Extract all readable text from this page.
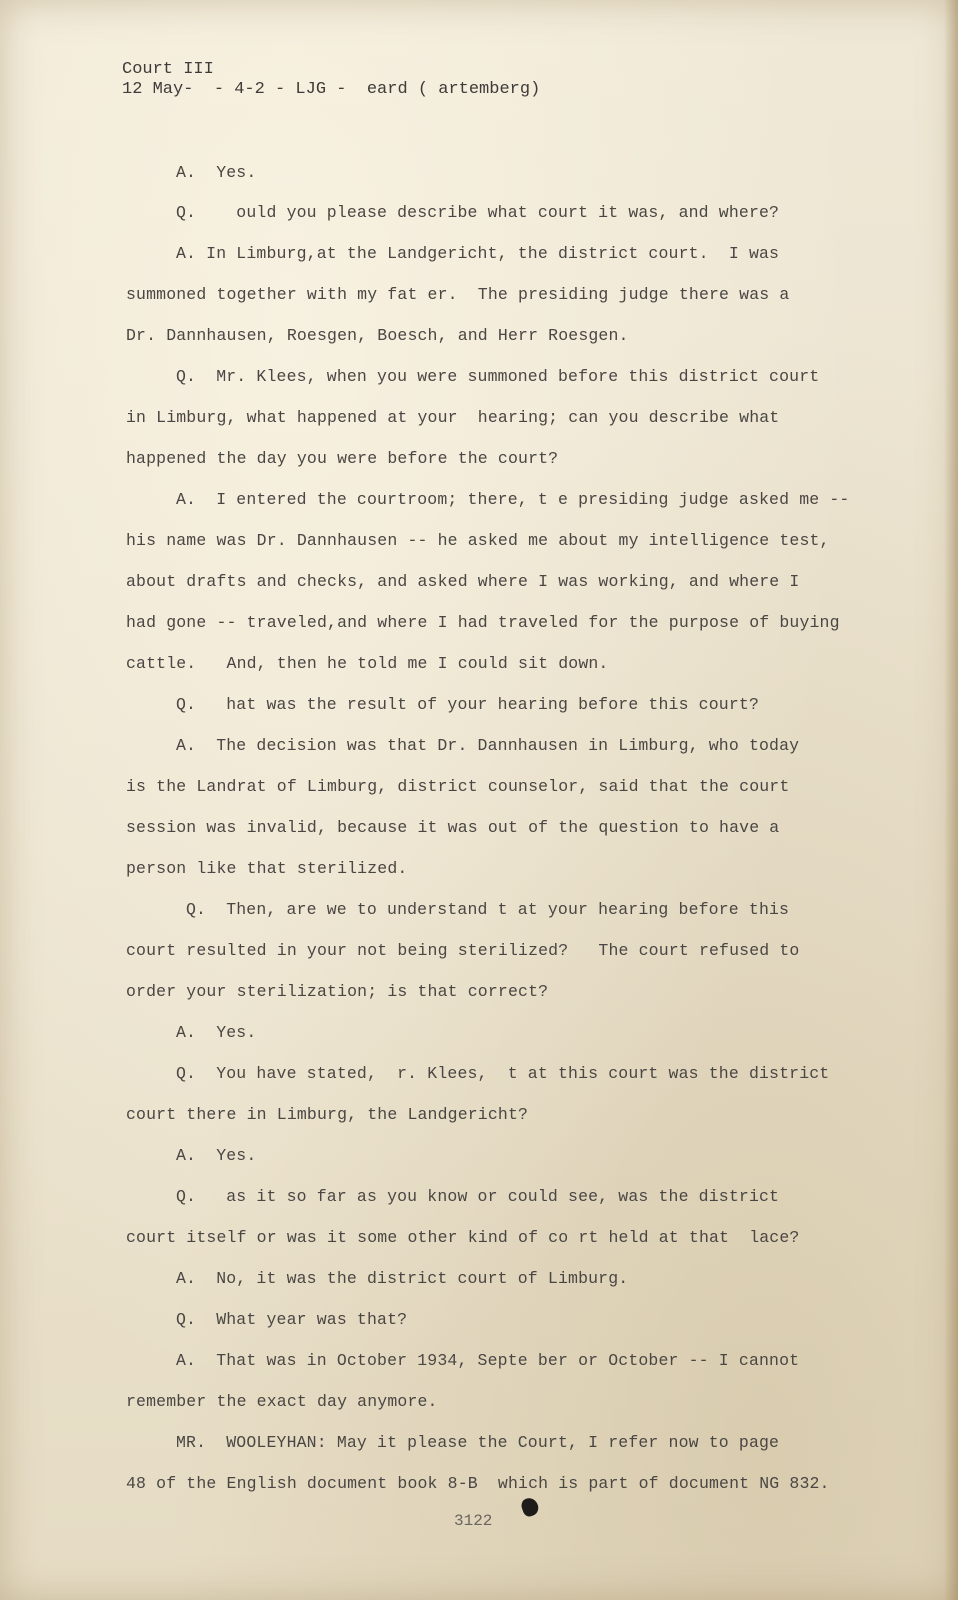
Court III
12 May-  - 4-2 - LJG -  eard ( artemberg)
A.  Yes.
Q.    ould you please describe what court it was, and where?
A. In Limburg,at the Landgericht, the district court.  I was
summoned together with my fat er.  The presiding judge there was a
Dr. Dannhausen, Roesgen, Boesch, and Herr Roesgen.
Q.  Mr. Klees, when you were summoned before this district court
in Limburg, what happened at your  hearing; can you describe what
happened the day you were before the court?
A.  I entered the courtroom; there, t e presiding judge asked me --
his name was Dr. Dannhausen -- he asked me about my intelligence test,
about drafts and checks, and asked where I was working, and where I
had gone -- traveled,and where I had traveled for the purpose of buying
cattle.   And, then he told me I could sit down.
Q.   hat was the result of your hearing before this court?
A.  The decision was that Dr. Dannhausen in Limburg, who today
is the Landrat of Limburg, district counselor, said that the court
session was invalid, because it was out of the question to have a
person like that sterilized.
Q.  Then, are we to understand t at your hearing before this
court resulted in your not being sterilized?   The court refused to
order your sterilization; is that correct?
A.  Yes.
Q.  You have stated,  r. Klees,  t at this court was the district
court there in Limburg, the Landgericht?
A.  Yes.
Q.   as it so far as you know or could see, was the district
court itself or was it some other kind of co rt held at that  lace?
A.  No, it was the district court of Limburg.
Q.  What year was that?
A.  That was in October 1934, Septe ber or October -- I cannot
remember the exact day anymore.
MR.  WOOLEYHAN: May it please the Court, I refer now to page
48 of the English document book 8-B  which is part of document NG 832.
3122
